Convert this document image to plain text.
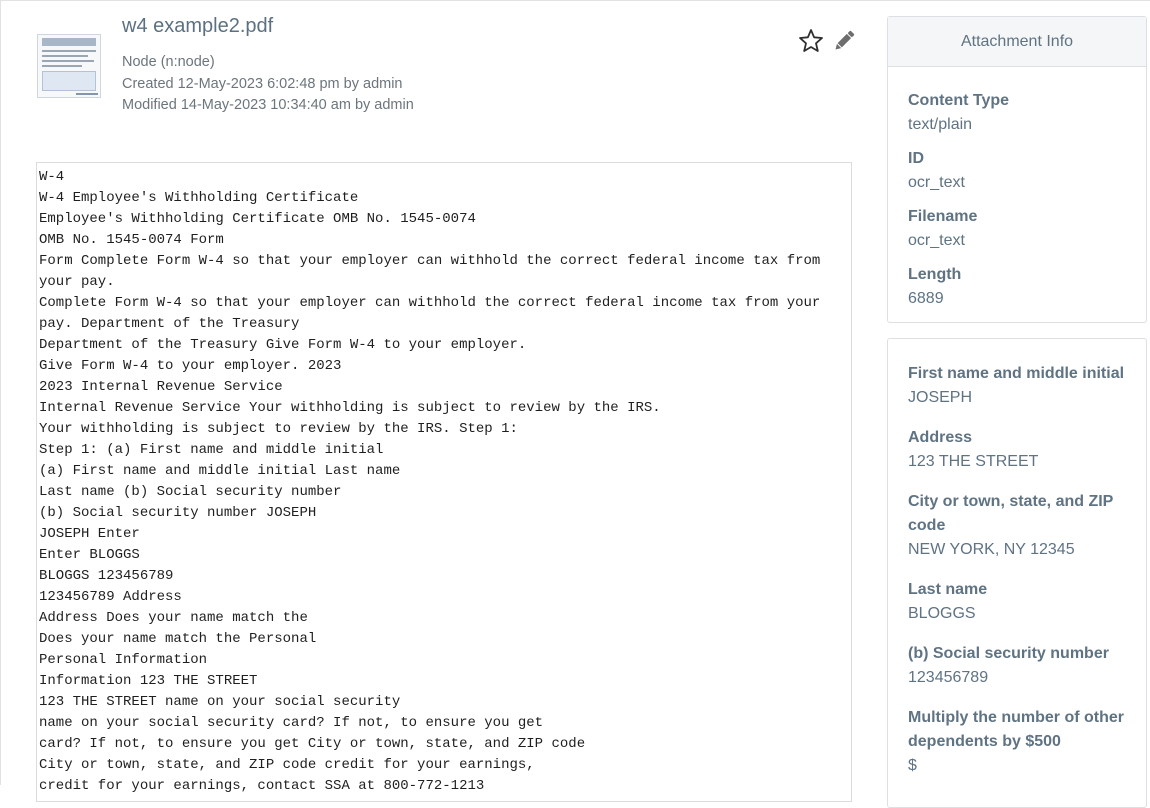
w4 example2.pdf
Node (n:node)
Created 12-May-2023 6:02:48 pm by admin
Modified 14-May-2023 10:34:40 am by admin
W-4
W-4 Employee's Withholding Certificate
Employee's Withholding Certificate OMB No. 1545-0074
OMB No. 1545-0074 Form
Form Complete Form W-4 so that your employer can withhold the correct federal income tax from
your pay.
Complete Form W-4 so that your employer can withhold the correct federal income tax from your
pay. Department of the Treasury
Department of the Treasury Give Form W-4 to your employer.
Give Form W-4 to your employer. 2023
2023 Internal Revenue Service
Internal Revenue Service Your withholding is subject to review by the IRS.
Your withholding is subject to review by the IRS. Step 1:
Step 1: (a) First name and middle initial
(a) First name and middle initial Last name
Last name (b) Social security number
(b) Social security number JOSEPH
JOSEPH Enter
Enter BLOGGS
BLOGGS 123456789
123456789 Address
Address Does your name match the
Does your name match the Personal
Personal Information
Information 123 THE STREET
123 THE STREET name on your social security
name on your social security card? If not, to ensure you get
card? If not, to ensure you get City or town, state, and ZIP code
City or town, state, and ZIP code credit for your earnings,
credit for your earnings, contact SSA at 800-772-1213
Attachment Info
Content Type
text/plain
ID
ocr_text
Filename
ocr_text
Length
6889
First name and middle initial
JOSEPH
Address
123 THE STREET
City or town, state, and ZIP code
NEW YORK, NY 12345
Last name
BLOGGS
(b) Social security number
123456789
Multiply the number of other dependents by $500
$
